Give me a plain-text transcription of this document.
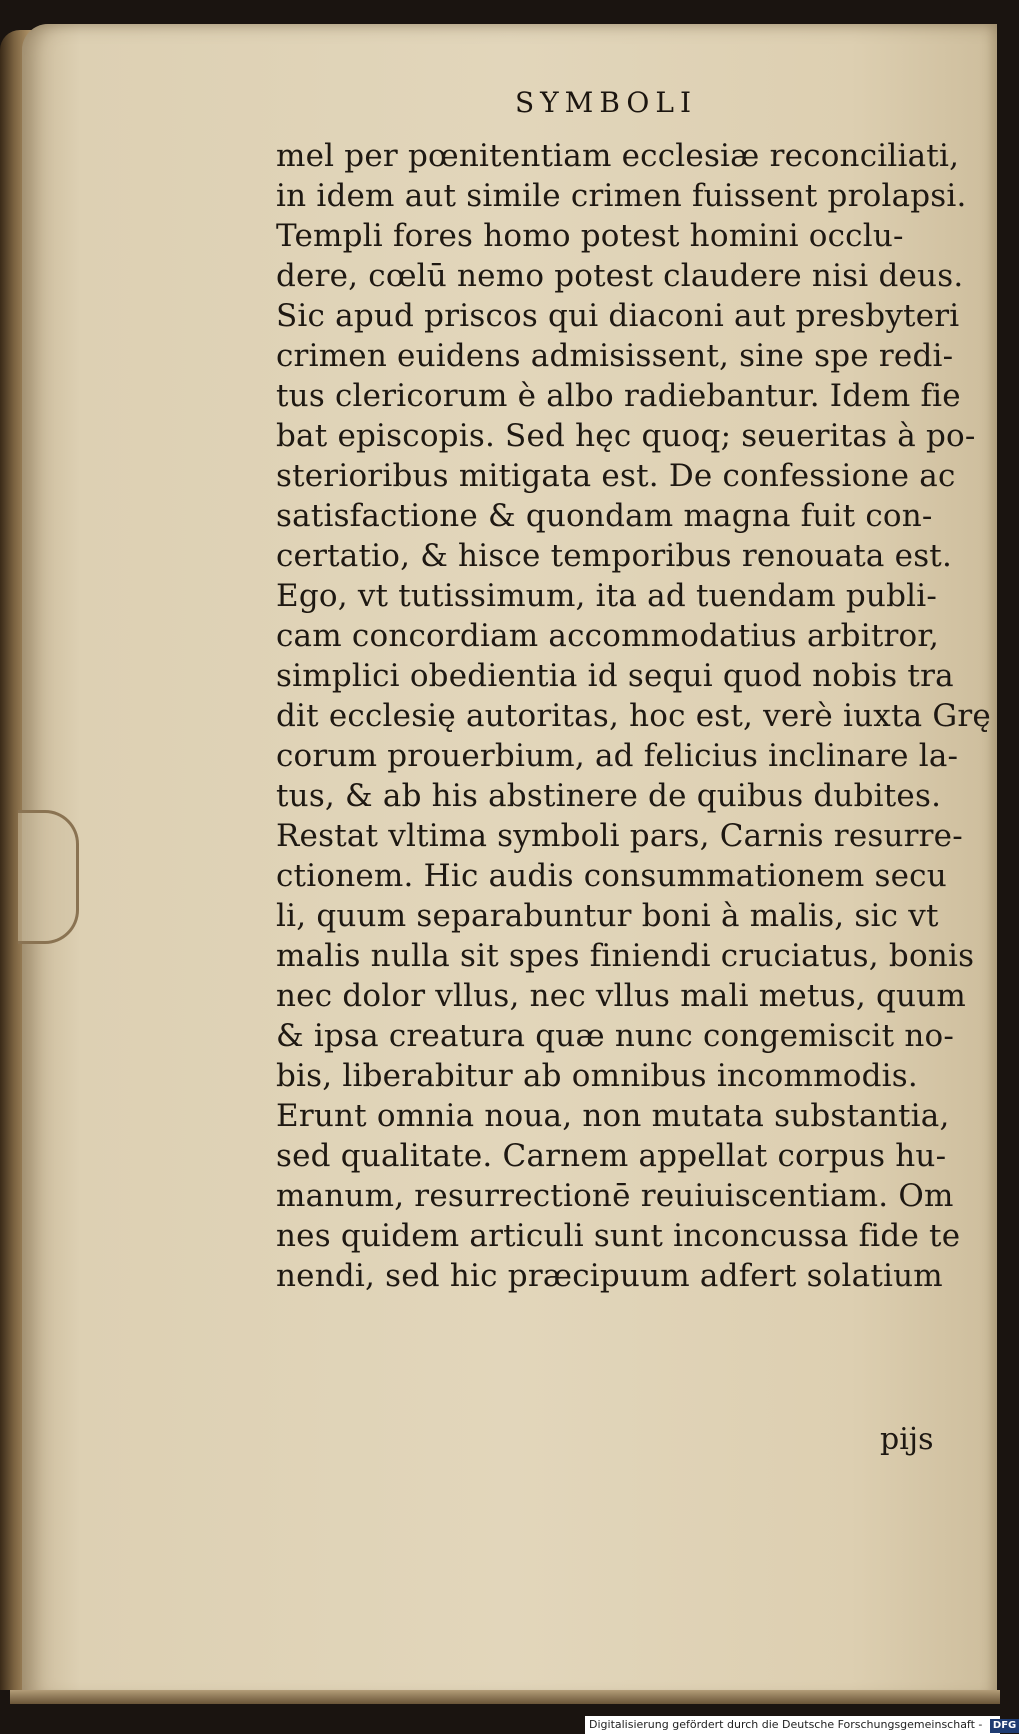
SYMBOLI
mel per pœnitentiam ecclesiæ reconciliati,
in idem aut simile crimen fuissent prolapsi.
Templi fores homo potest homini occlu-
dere, cœlū nemo potest claudere nisi deus.
Sic apud priscos qui diaconi aut presbyteri
crimen euidens admisissent, sine spe redi-
tus clericorum è albo radiebantur. Idem fie
bat episcopis. Sed hęc quoq; seueritas à po-
sterioribus mitigata est. De confessione ac
satisfactione & quondam magna fuit con-
certatio, & hisce temporibus renouata est.
Ego, vt tutissimum, ita ad tuendam publi-
cam concordiam accommodatius arbitror,
simplici obedientia id sequi quod nobis tra
dit ecclesię autoritas, hoc est, verè iuxta Grę
corum prouerbium, ad felicius inclinare la-
tus, & ab his abstinere de quibus dubites.
Restat vltima symboli pars, Carnis resurre-
ctionem. Hic audis consummationem secu
li, quum separabuntur boni à malis, sic vt
malis nulla sit spes finiendi cruciatus, bonis
nec dolor vllus, nec vllus mali metus, quum
& ipsa creatura quæ nunc congemiscit no-
bis, liberabitur ab omnibus incommodis.
Erunt omnia noua, non mutata substantia,
sed qualitate. Carnem appellat corpus hu-
manum, resurrectionē reuiuiscentiam. Om
nes quidem articuli sunt inconcussa fide te
nendi, sed hic præcipuum adfert solatium
pijs
Digitalisierung gefördert durch die Deutsche Forschungsgemeinschaft - DFG
